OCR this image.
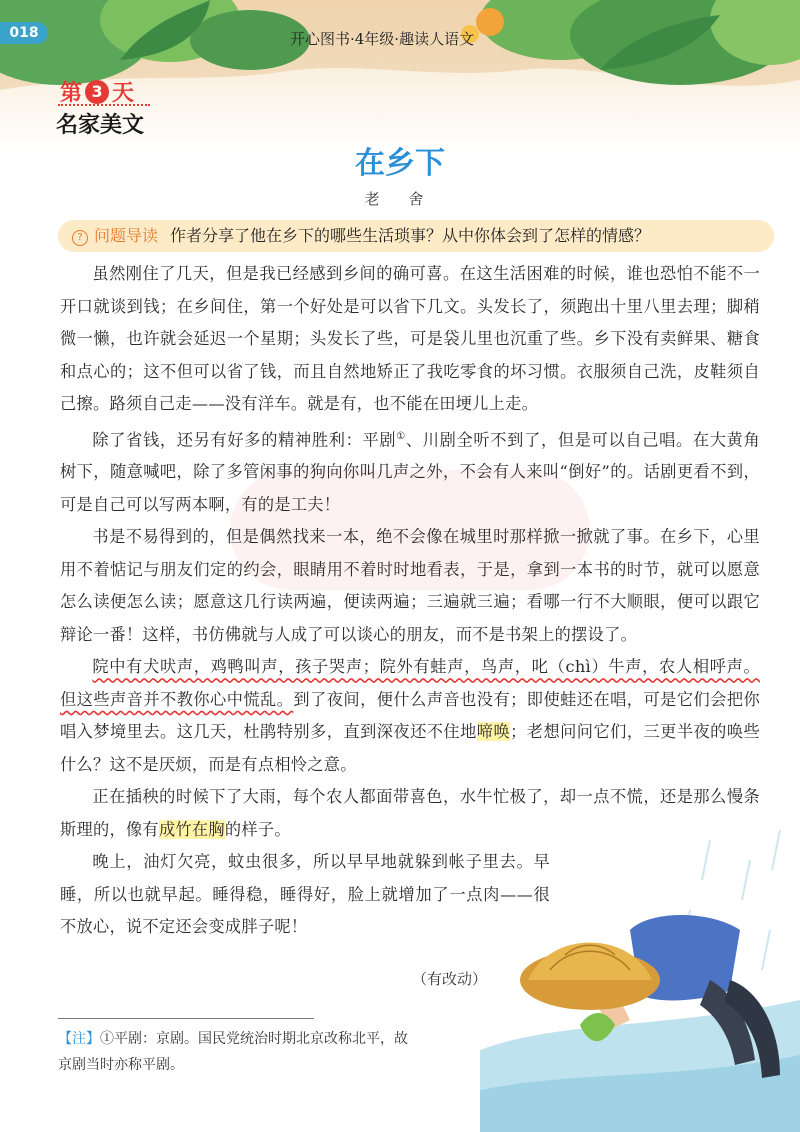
018	开心图书·4年级·趣读人语文
第 3 天
名家美文
在乡下
老 舍
? 问题导读 作者分享了他在乡下的哪些生活琐事？从中你体会到了怎样的情感？

虽然刚住了几天，但是我已经感到乡间的确可喜。在这生活困难的时候，谁也恐怕不能不一开口就谈到钱；在乡间住，第一个好处是可以省下几文。头发长了，须跑出十里八里去理；脚稍微一懒，也许就会延迟一个星期；头发长了些，可是袋儿里也沉重了些。乡下没有卖鲜果、糖食和点心的；这不但可以省了钱，而且自然地矫正了我吃零食的坏习惯。衣服须自己洗，皮鞋须自己擦。路须自己走——没有洋车。就是有，也不能在田埂儿上走。

除了省钱，还另有好多的精神胜利：平剧①、川剧全听不到了，但是可以自己唱。在大黄角树下，随意喊吧，除了多管闲事的狗向你叫几声之外，不会有人来叫“倒好”的。话剧更看不到，可是自己可以写两本啊，有的是工夫！

书是不易得到的，但是偶然找来一本，绝不会像在城里时那样掀一掀就了事。在乡下，心里用不着惦记与朋友们定的约会，眼睛用不着时时地看表，于是，拿到一本书的时节，就可以愿意怎么读便怎么读；愿意这几行读两遍，便读两遍；三遍就三遍；看哪一行不大顺眼，便可以跟它辩论一番！这样，书仿佛就与人成了可以谈心的朋友，而不是书架上的摆设了。

院中有犬吠声，鸡鸭叫声，孩子哭声；院外有蛙声，鸟声，叱（chì）牛声，农人相呼声。但这些声音并不教你心中慌乱。到了夜间，便什么声音也没有；即使蛙还在唱，可是它们会把你唱入梦境里去。这几天，杜鹃特别多，直到深夜还不住地啼唤；老想问问它们，三更半夜的唤些什么？这不是厌烦，而是有点相怜之意。

正在插秧的时候下了大雨，每个农人都面带喜色，水牛忙极了，却一点不慌，还是那么慢条斯理的，像有成竹在胸的样子。

晚上，油灯欠亮，蚊虫很多，所以早早地就躲到帐子里去。早睡，所以也就早起。睡得稳，睡得好，脸上就增加了一点肉——很不放心，说不定还会变成胖子呢！

（有改动）
【注】①平剧：京剧。国民党统治时期北京改称北平，故京剧当时亦称平剧。
